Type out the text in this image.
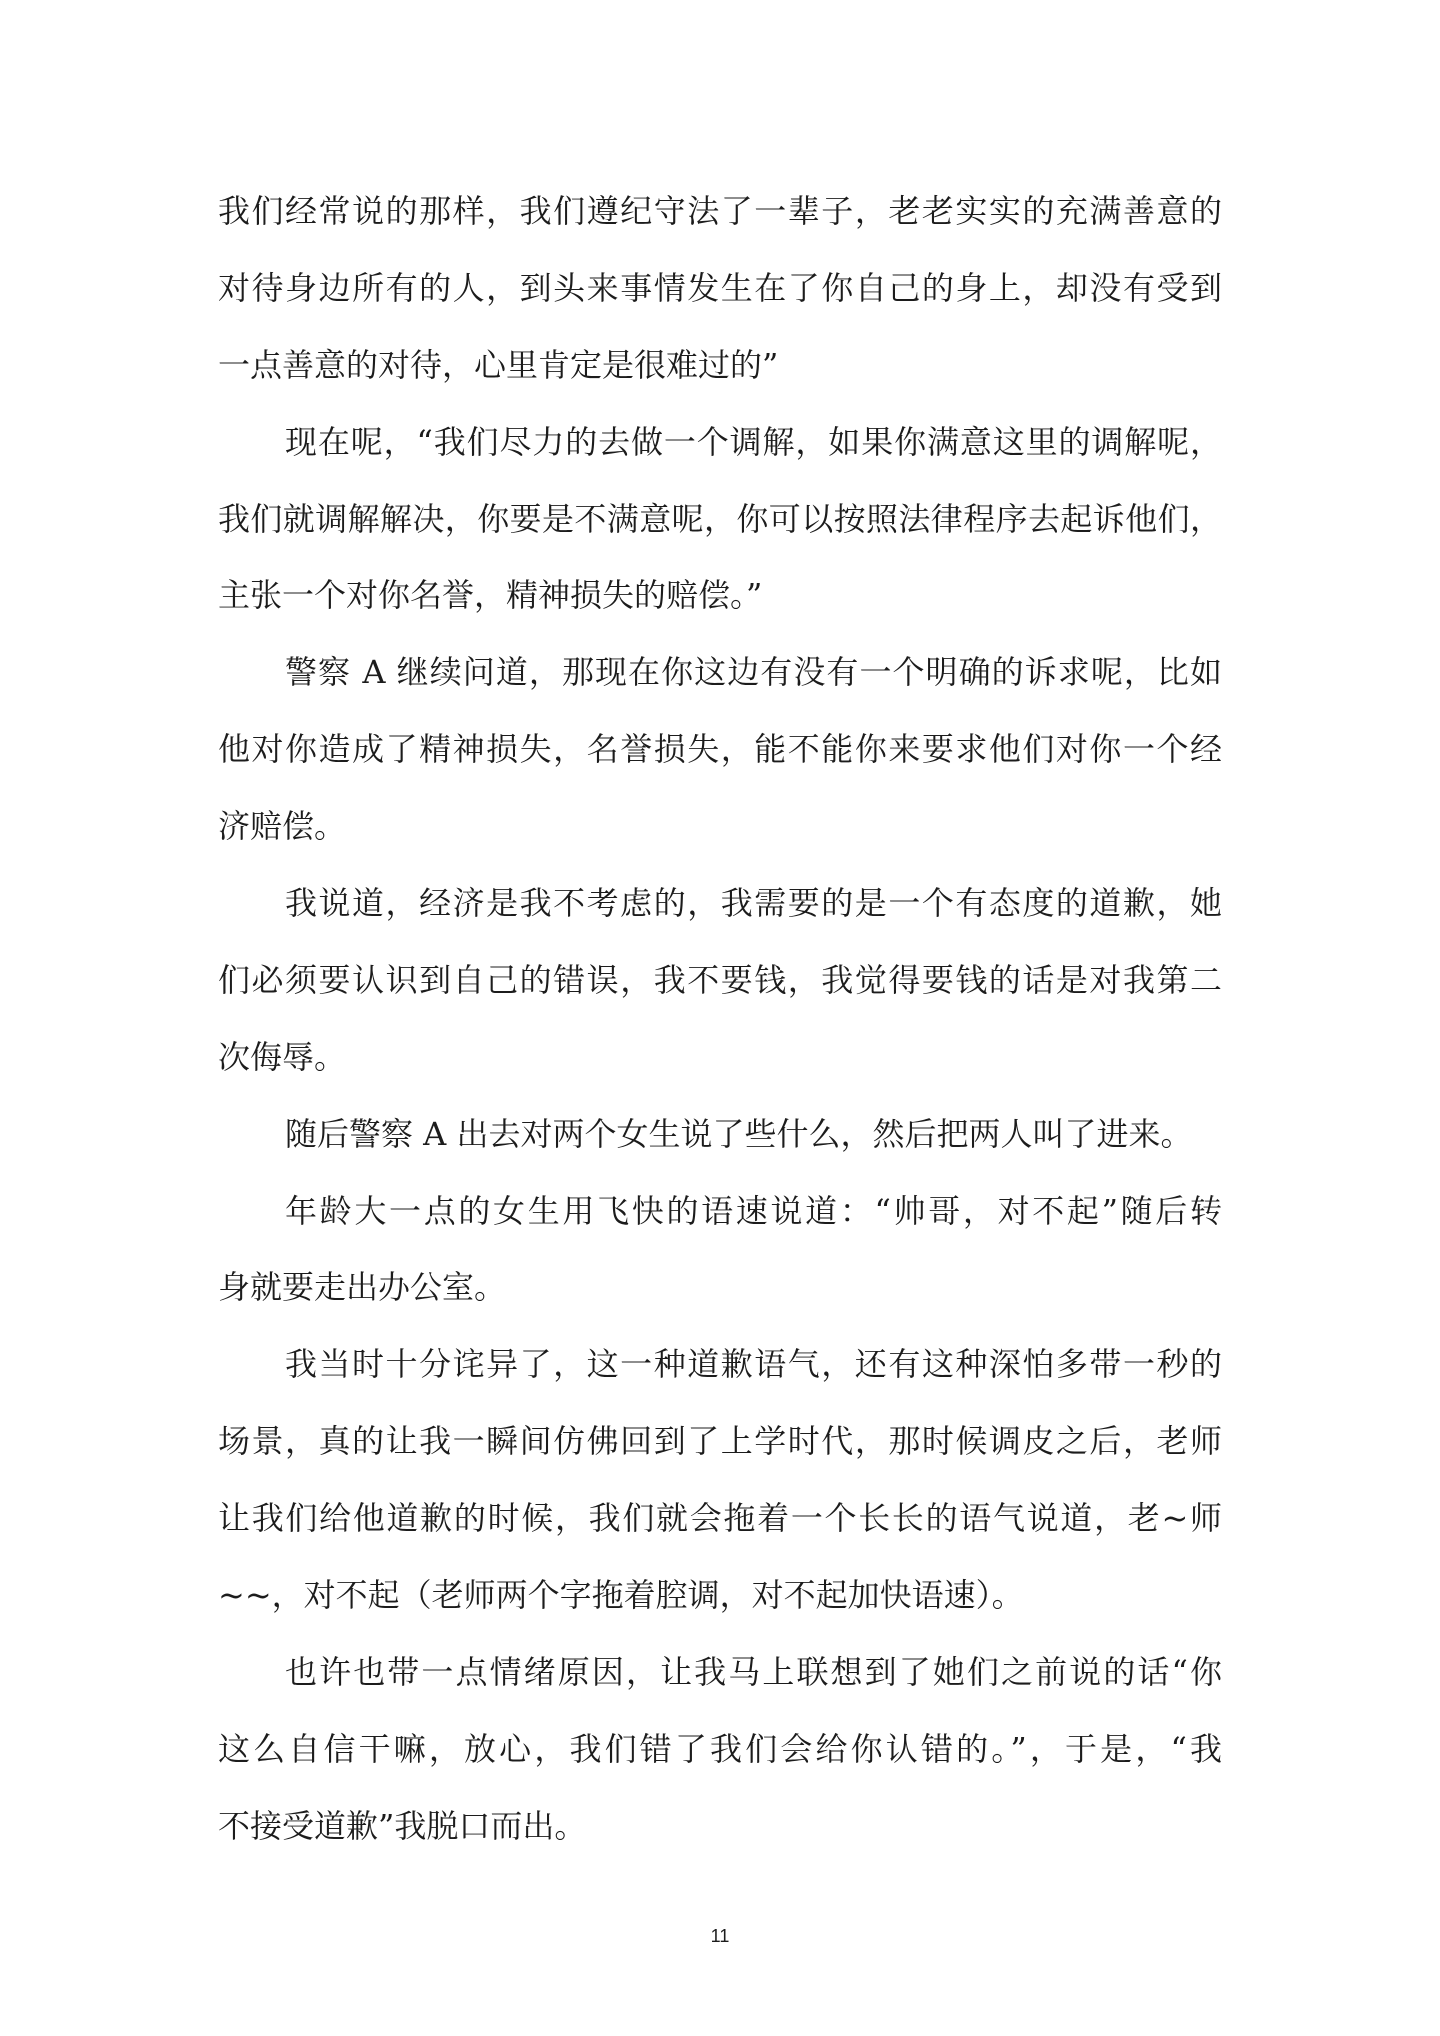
我们经常说的那样，我们遵纪守法了一辈子，老老实实的充满善意的
对待身边所有的人，到头来事情发生在了你自己的身上，却没有受到
一点善意的对待，心里肯定是很难过的”
现在呢，“我们尽力的去做一个调解，如果你满意这里的调解呢，
我们就调解解决，你要是不满意呢，你可以按照法律程序去起诉他们，
主张一个对你名誉，精神损失的赔偿。”
警察 A 继续问道，那现在你这边有没有一个明确的诉求呢，比如
他对你造成了精神损失，名誉损失，能不能你来要求他们对你一个经
济赔偿。
我说道，经济是我不考虑的，我需要的是一个有态度的道歉，她
们必须要认识到自己的错误，我不要钱，我觉得要钱的话是对我第二
次侮辱。
随后警察 A 出去对两个女生说了些什么，然后把两人叫了进来。
年龄大一点的女生用飞快的语速说道：“帅哥，对不起”随后转
身就要走出办公室。
我当时十分诧异了，这一种道歉语气，还有这种深怕多带一秒的
场景，真的让我一瞬间仿佛回到了上学时代，那时候调皮之后，老师
让我们给他道歉的时候，我们就会拖着一个长长的语气说道，老~师
~~，对不起（老师两个字拖着腔调，对不起加快语速）。
也许也带一点情绪原因，让我马上联想到了她们之前说的话“你
这么自信干嘛，放心，我们错了我们会给你认错的。”，于是，“我
不接受道歉”我脱口而出。
11
